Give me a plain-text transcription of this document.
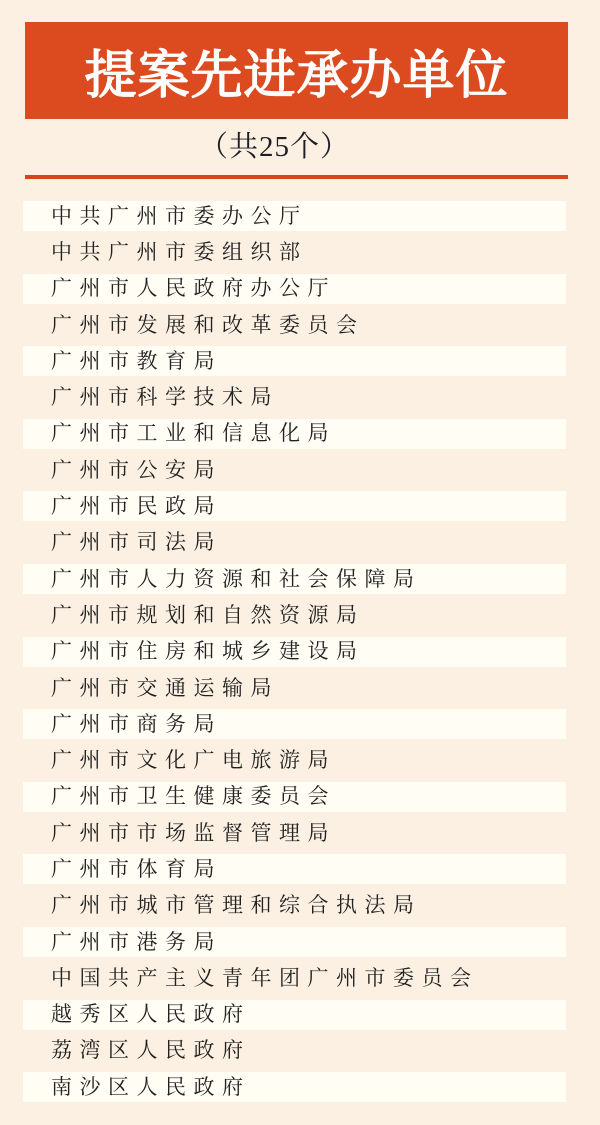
提案先进承办单位
（共25个）
中共广州市委办公厅
中共广州市委组织部
广州市人民政府办公厅
广州市发展和改革委员会
广州市教育局
广州市科学技术局
广州市工业和信息化局
广州市公安局
广州市民政局
广州市司法局
广州市人力资源和社会保障局
广州市规划和自然资源局
广州市住房和城乡建设局
广州市交通运输局
广州市商务局
广州市文化广电旅游局
广州市卫生健康委员会
广州市市场监督管理局
广州市体育局
广州市城市管理和综合执法局
广州市港务局
中国共产主义青年团广州市委员会
越秀区人民政府
荔湾区人民政府
南沙区人民政府
